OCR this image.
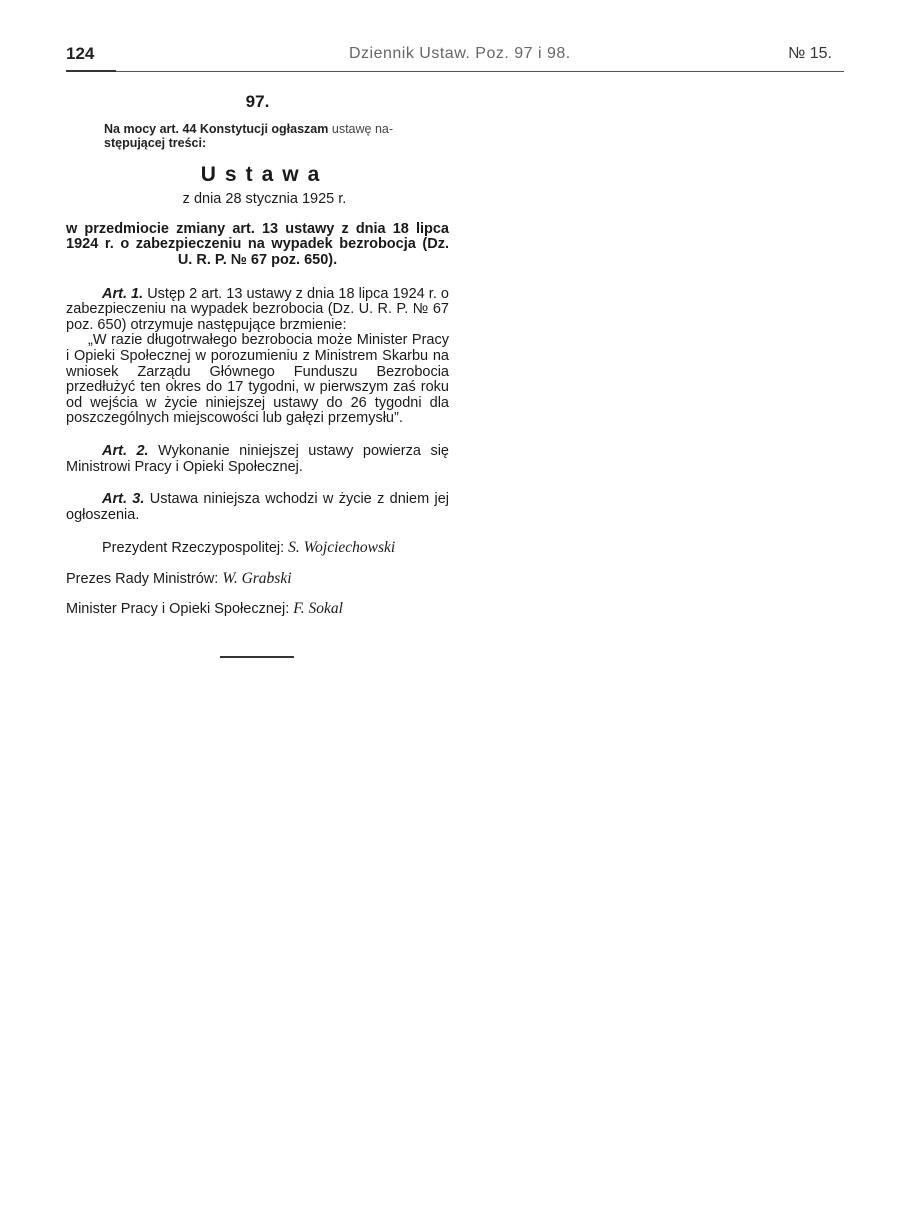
124	Dziennik Ustaw. Poz. 97 i 98.	№ 15.
97.
Na mocy art. 44 Konstytucji ogłaszam ustawę na-
stępującej treści:
Ustawa
z dnia 28 stycznia 1925 r.
w przedmiocie zmiany art. 13 ustawy z dnia 18 lipca 1924 r. o zabezpieczeniu na wypadek bezrobocja (Dz. U. R. P. № 67 poz. 650).

Art. 1. Ustęp 2 art. 13 ustawy z dnia 18 lipca 1924 r. o zabezpieczeniu na wypadek bezrobocia (Dz. U. R. P. № 67 poz. 650) otrzymuje następujące brzmienie:

„W razie długotrwałego bezrobocia może Minister Pracy i Opieki Społecznej w porozumieniu z Ministrem Skarbu na wniosek Zarządu Głównego Funduszu Bezrobocia przedłużyć ten okres do 17 tygodni, w pierwszym zaś roku od wejścia w życie niniejszej ustawy do 26 tygodni dla poszczególnych miejscowości lub gałęzi przemysłu”.

Art. 2. Wykonanie niniejszej ustawy powierza się Ministrowi Pracy i Opieki Społecznej.

Art. 3. Ustawa niniejsza wchodzi w życie z dniem jej ogłoszenia.

Prezydent Rzeczypospolitej: S. Wojciechowski

Prezes Rady Ministrów: W. Grabski

Minister Pracy i Opieki Społecznej: F. Sokal
